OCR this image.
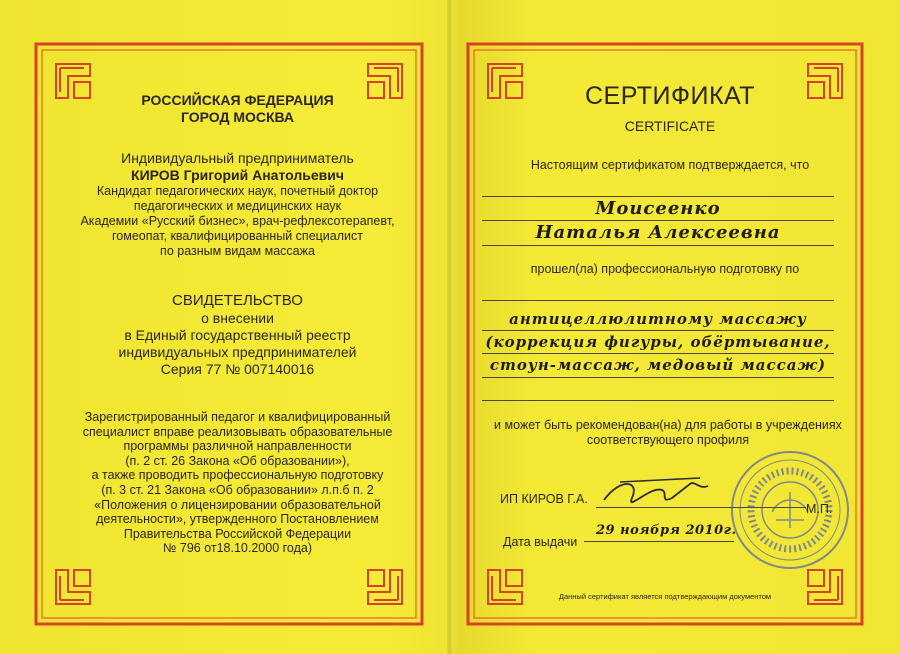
РОССИЙСКАЯ ФЕДЕРАЦИЯ
ГОРОД МОСКВА
Индивидуальный предприниматель
КИРОВ Григорий Анатольевич
Кандидат педагогических наук, почетный доктор
педагогических и медицинских наук
Академии «Русский бизнес», врач-рефлексотерапевт,
гомеопат, квалифицированный специалист
по разным видам массажа
СВИДЕТЕЛЬСТВО
о внесении
в Единый государственный реестр
индивидуальных предпринимателей
Серия 77 № 007140016
Зарегистрированный педагог и квалифицированный
специалист вправе реализовывать образовательные
программы различной направленности
(п. 2 ст. 26 Закона «Об образовании»),
а также проводить профессиональную подготовку
(п. 3 ст. 21 Закона «Об образовании» л.п.б п. 2
«Положения о лицензировании образовательной
деятельности», утвержденного Постановлением
Правительства Российской Федерации
№ 796 от18.10.2000 года)
СЕРТИФИКАТ
CERTIFICATE
Настоящим сертификатом подтверждается, что
Моисеенко
Наталья Алексеевна
прошел(ла) профессиональную подготовку по
антицеллюлитному массажу
(коррекция фигуры, обёртывание,
стоун-массаж, медовый массаж)
и может быть рекомендован(на) для работы в учреждениях
соответствующего профиля
ИП КИРОВ Г.А.
М.П.
Дата выдачи
29 ноября 2010г.
Данный сертификат является подтверждающим документом
